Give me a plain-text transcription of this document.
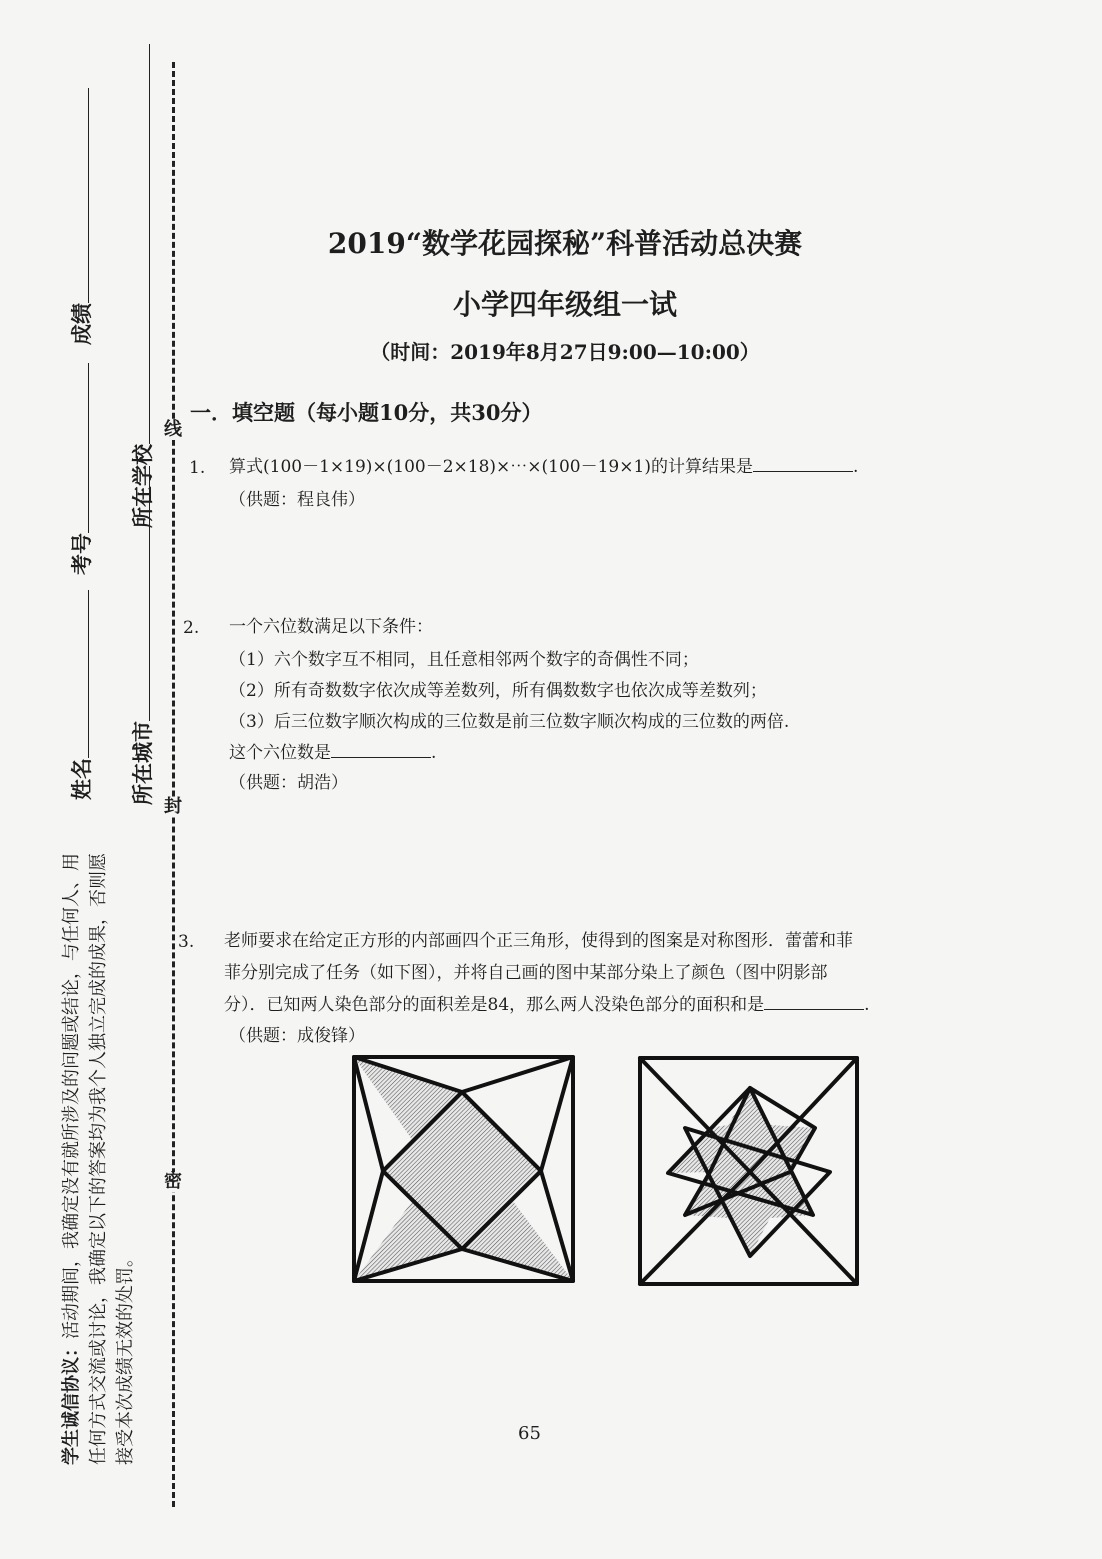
线
封
密
成绩
考号
姓名
所在学校
所在城市
学生诚信协议：活动期间，我确定没有就所涉及的问题或结论，与任何人、用任何方式交流或讨论，我确定以下的答案均为我个人独立完成的成果，否则愿接受本次成绩无效的处罚。
2019“数学花园探秘”科普活动总决赛
小学四年级组一试
（时间：2019年8月27日9:00—10:00）
一．填空题（每小题10分，共30分）
1. 算式(100－1×19)×(100－2×18)×⋯×(100－19×1)的计算结果是	.
（供题：程良伟）
2. 一个六位数满足以下条件：
（1）六个数字互不相同，且任意相邻两个数字的奇偶性不同；
（2）所有奇数数字依次成等差数列，所有偶数数字也依次成等差数列；
（3）后三位数字顺次构成的三位数是前三位数字顺次构成的三位数的两倍.
这个六位数是	.
（供题：胡浩）
3. 老师要求在给定正方形的内部画四个正三角形，使得到的图案是对称图形．蕾蕾和菲
菲分别完成了任务（如下图），并将自己画的图中某部分染上了颜色（图中阴影部
分）．已知两人染色部分的面积差是84，那么两人没染色部分的面积和是	.
（供题：成俊锋）
65
